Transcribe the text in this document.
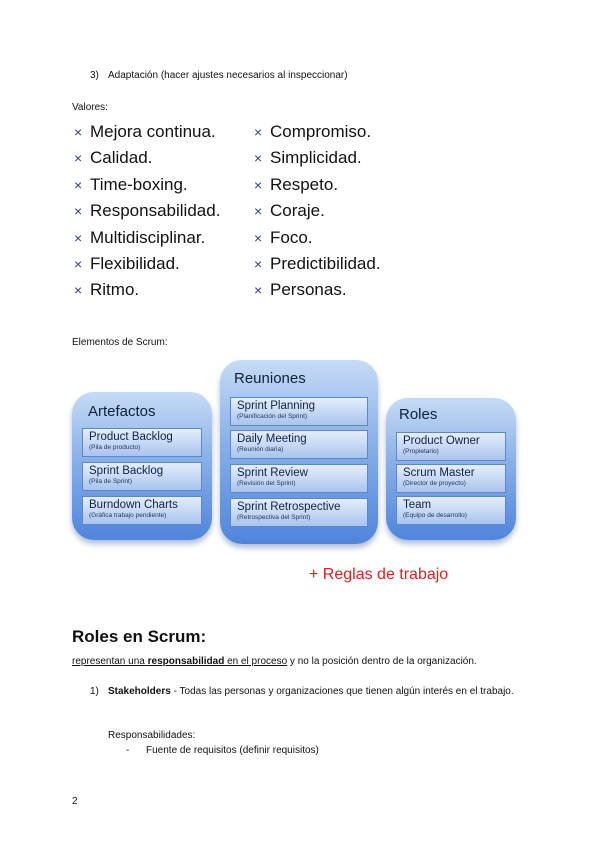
3) Adaptación (hacer ajustes necesarios al inspeccionar)
Valores:
× Mejora continua.
× Calidad.
× Time-boxing.
× Responsabilidad.
× Multidisciplinar.
× Flexibilidad.
× Ritmo.
× Compromiso.
× Simplicidad.
× Respeto.
× Coraje.
× Foco.
× Predictibilidad.
× Personas.
Elementos de Scrum:
Artefactos
Product Backlog
(Pila de producto)
Sprint Backlog
(Pila de Sprint)
Burndown Charts
(Gráfica trabajo pendiente)
Reuniones
Sprint Planning
(Planificación del Sprint)
Daily Meeting
(Reunión diaria)
Sprint Review
(Revisión del Sprint)
Sprint Retrospective
(Retrospectiva del Sprint)
Roles
Product Owner
(Propietario)
Scrum Master
(Director de proyecto)
Team
(Equipo de desarrollo)
+ Reglas de trabajo
Roles en Scrum:
representan una responsabilidad en el proceso y no la posición dentro de la organización.
1) Stakeholders - Todas las personas y organizaciones que tienen algún interés en el trabajo.
Responsabilidades:
- Fuente de requisitos (definir requisitos)
2
